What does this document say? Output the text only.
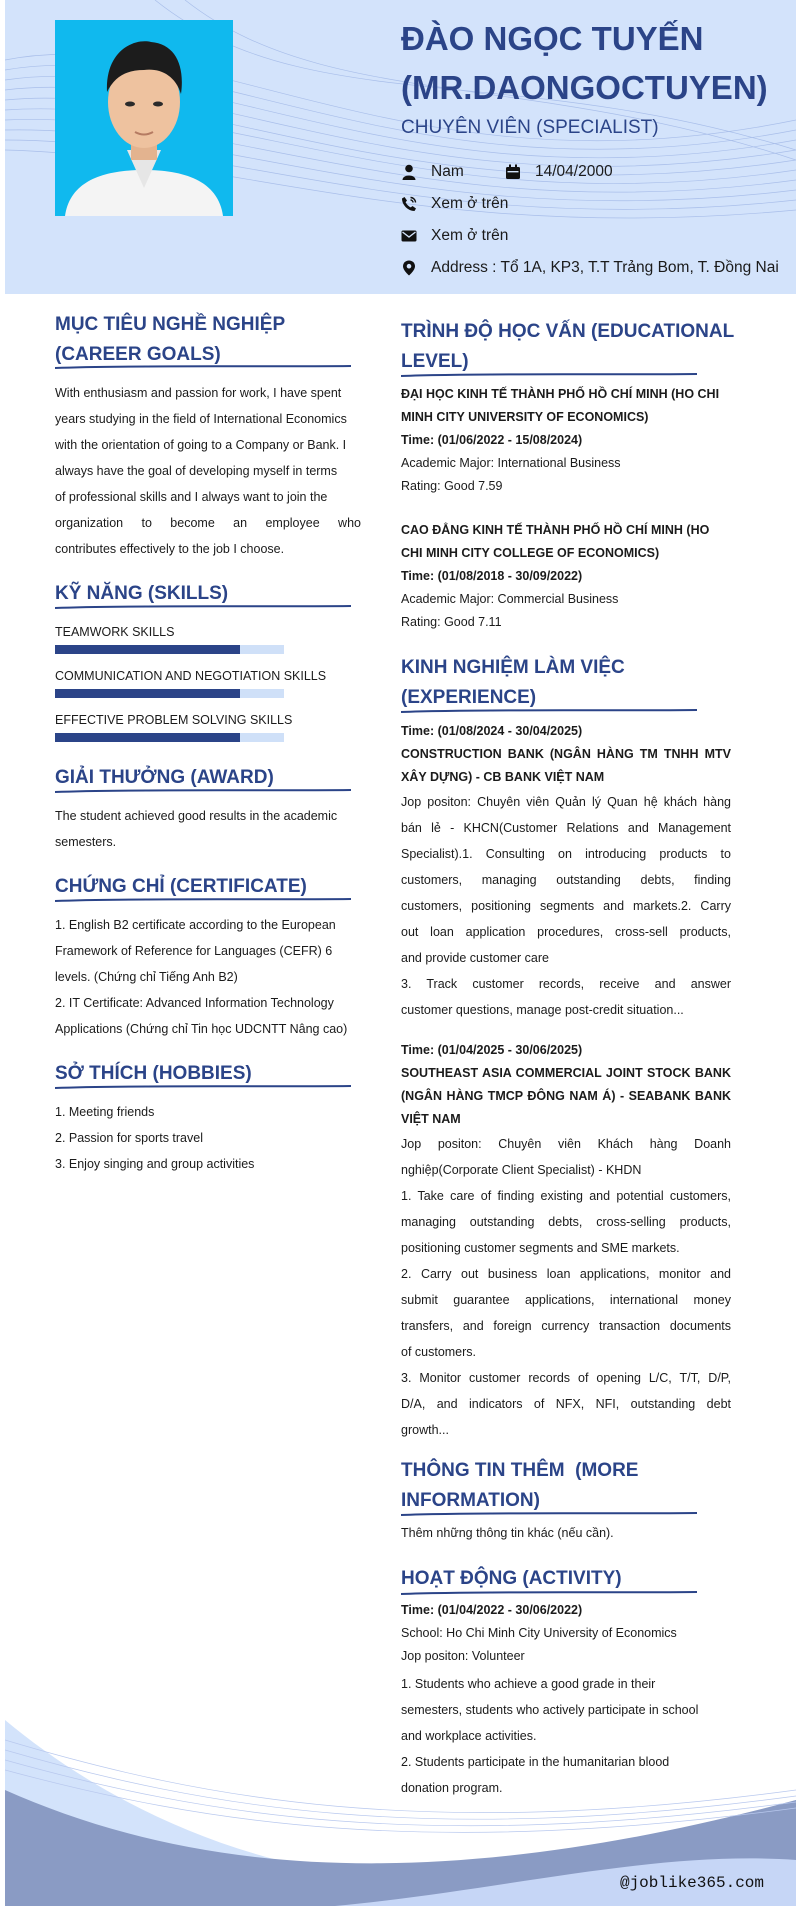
ĐÀO NGỌC TUYẾN
(MR.DAONGOCTUYEN)
CHUYÊN VIÊN (SPECIALIST)
Nam	14/04/2000
Xem ở trên
Xem ở trên
Address : Tổ 1A, KP3, T.T Trảng Bom, T. Đồng Nai
MỤC TIÊU NGHỀ NGHIỆP
(CAREER GOALS)
With enthusiasm and passion for work, I have spent
years studying in the field of International Economics
with the orientation of going to a Company or Bank. I
always have the goal of developing myself in terms
of professional skills and I always want to join the
organization to become an employee who
contributes effectively to the job I choose.
KỸ NĂNG (SKILLS)
TEAMWORK SKILLS
COMMUNICATION AND NEGOTIATION SKILLS
EFFECTIVE PROBLEM SOLVING SKILLS
GIẢI THƯỞNG (AWARD)
The student achieved good results in the academic
semesters.
CHỨNG CHỈ (CERTIFICATE)
1. English B2 certificate according to the European
Framework of Reference for Languages (CEFR) 6
levels. (Chứng chỉ Tiếng Anh B2)
2. IT Certificate: Advanced Information Technology
Applications (Chứng chỉ Tin học UDCNTT Nâng cao)
SỞ THÍCH (HOBBIES)
1. Meeting friends
2. Passion for sports travel
3. Enjoy singing and group activities
TRÌNH ĐỘ HỌC VẤN (EDUCATIONAL
LEVEL)
ĐẠI HỌC KINH TẾ THÀNH PHỐ HỒ CHÍ MINH (HO CHI
MINH CITY UNIVERSITY OF ECONOMICS)
Time: (01/06/2022 - 15/08/2024)
Academic Major: International Business
Rating: Good 7.59
CAO ĐẲNG KINH TẾ THÀNH PHỐ HỒ CHÍ MINH (HO
CHI MINH CITY COLLEGE OF ECONOMICS)
Time: (01/08/2018 - 30/09/2022)
Academic Major: Commercial Business
Rating: Good 7.11
KINH NGHIỆM LÀM VIỆC
(EXPERIENCE)
Time: (01/08/2024 - 30/04/2025)
CONSTRUCTION BANK (NGÂN HÀNG TM TNHH MTV
XÂY DỰNG) - CB BANK VIỆT NAM
Jop positon: Chuyên viên Quản lý Quan hệ khách hàng
bán lẻ - KHCN(Customer Relations and Management
Specialist).1. Consulting on introducing products to
customers, managing outstanding debts, finding
customers, positioning segments and markets.2. Carry
out loan application procedures, cross-sell products,
and provide customer care
3. Track customer records, receive and answer
customer questions, manage post-credit situation...
Time: (01/04/2025 - 30/06/2025)
SOUTHEAST ASIA COMMERCIAL JOINT STOCK BANK
(NGÂN HÀNG TMCP ĐÔNG NAM Á) - SEABANK BANK
VIỆT NAM
Jop positon: Chuyên viên Khách hàng Doanh
nghiệp(Corporate Client Specialist) - KHDN
1. Take care of finding existing and potential customers,
managing outstanding debts, cross-selling products,
positioning customer segments and SME markets.
2. Carry out business loan applications, monitor and
submit guarantee applications, international money
transfers, and foreign currency transaction documents
of customers.
3. Monitor customer records of opening L/C, T/T, D/P,
D/A, and indicators of NFX, NFI, outstanding debt
growth...
THÔNG TIN THÊM  (MORE
INFORMATION)
Thêm những thông tin khác (nếu cần).
HOẠT ĐỘNG (ACTIVITY)
Time: (01/04/2022 - 30/06/2022)
School: Ho Chi Minh City University of Economics
Jop positon: Volunteer
1. Students who achieve a good grade in their
semesters, students who actively participate in school
and workplace activities.
2. Students participate in the humanitarian blood
donation program.
@joblike365.com
